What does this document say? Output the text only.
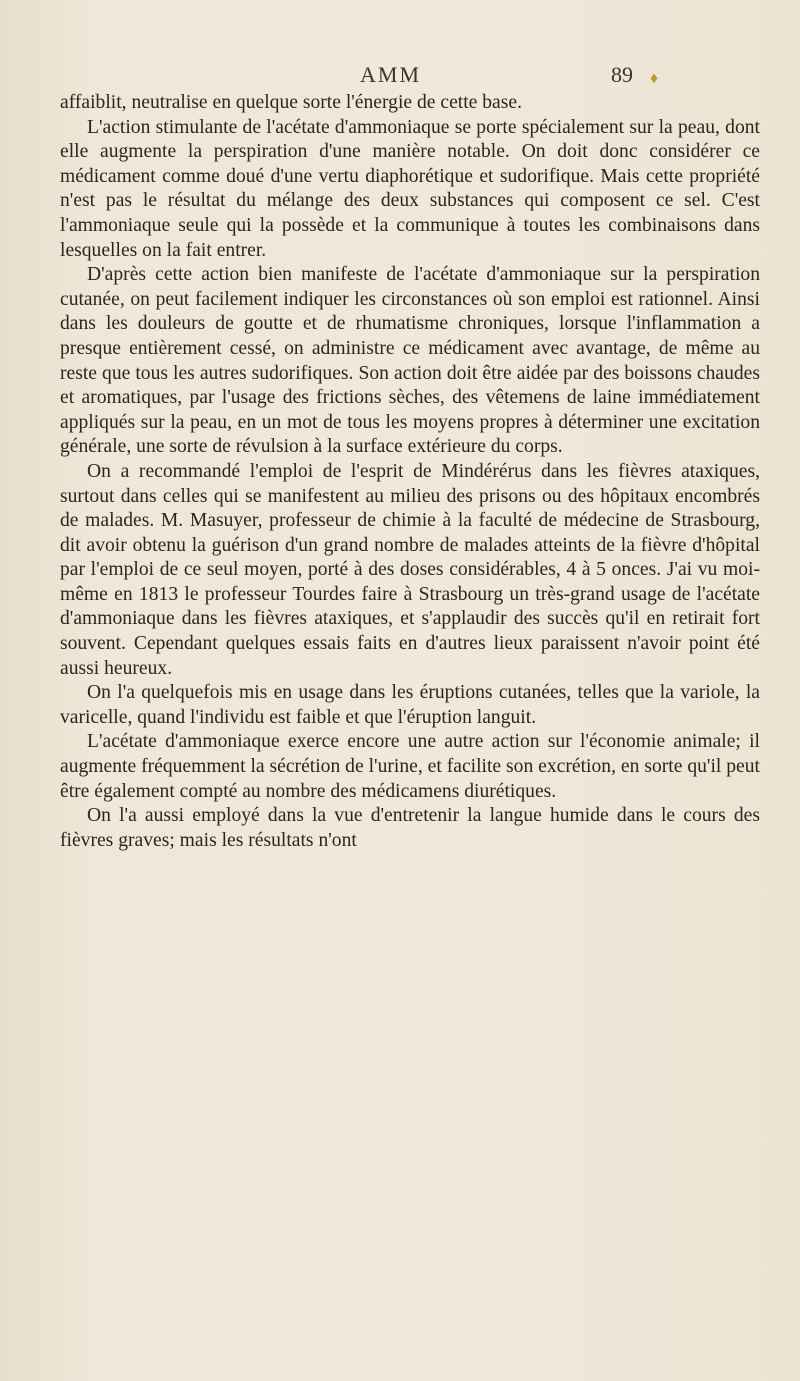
AMM	89 ♦

affaiblit, neutralise en quelque sorte l'énergie de cette base.

L'action stimulante de l'acétate d'ammoniaque se porte spécialement sur la peau, dont elle augmente la perspiration d'une manière notable. On doit donc considérer ce médicament comme doué d'une vertu diaphorétique et sudorifique. Mais cette propriété n'est pas le résultat du mélange des deux substances qui composent ce sel. C'est l'ammoniaque seule qui la possède et la communique à toutes les combinaisons dans lesquelles on la fait entrer.

D'après cette action bien manifeste de l'acétate d'ammoniaque sur la perspiration cutanée, on peut facilement indiquer les circonstances où son emploi est rationnel. Ainsi dans les douleurs de goutte et de rhumatisme chroniques, lorsque l'inflammation a presque entièrement cessé, on administre ce médicament avec avantage, de même au reste que tous les autres sudorifiques. Son action doit être aidée par des boissons chaudes et aromatiques, par l'usage des frictions sèches, des vêtemens de laine immédiatement appliqués sur la peau, en un mot de tous les moyens propres à déterminer une excitation générale, une sorte de révulsion à la surface extérieure du corps.

On a recommandé l'emploi de l'esprit de Mindérérus dans les fièvres ataxiques, surtout dans celles qui se manifestent au milieu des prisons ou des hôpitaux encombrés de malades. M. Masuyer, professeur de chimie à la faculté de médecine de Strasbourg, dit avoir obtenu la guérison d'un grand nombre de malades atteints de la fièvre d'hôpital par l'emploi de ce seul moyen, porté à des doses considérables, 4 à 5 onces. J'ai vu moi-même en 1813 le professeur Tourdes faire à Strasbourg un très-grand usage de l'acétate d'ammoniaque dans les fièvres ataxiques, et s'applaudir des succès qu'il en retirait fort souvent. Cependant quelques essais faits en d'autres lieux paraissent n'avoir point été aussi heureux.

On l'a quelquefois mis en usage dans les éruptions cutanées, telles que la variole, la varicelle, quand l'individu est faible et que l'éruption languit.

L'acétate d'ammoniaque exerce encore une autre action sur l'économie animale; il augmente fréquemment la sécrétion de l'urine, et facilite son excrétion, en sorte qu'il peut être également compté au nombre des médicamens diurétiques.

On l'a aussi employé dans la vue d'entretenir la langue humide dans le cours des fièvres graves; mais les résultats n'ont
